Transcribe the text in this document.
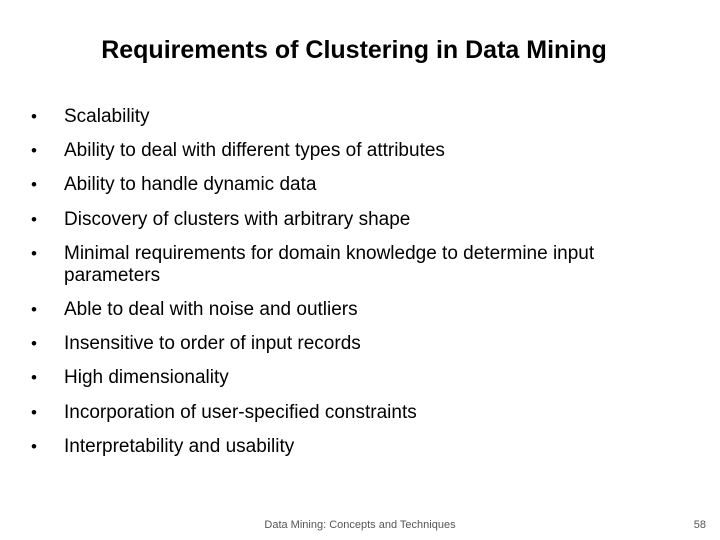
Requirements of Clustering in Data Mining
• Scalability
• Ability to deal with different types of attributes
• Ability to handle dynamic data
• Discovery of clusters with arbitrary shape
• Minimal requirements for domain knowledge to determine input parameters
• Able to deal with noise and outliers
• Insensitive to order of input records
• High dimensionality
• Incorporation of user-specified constraints
• Interpretability and usability
Data Mining: Concepts and Techniques	58
